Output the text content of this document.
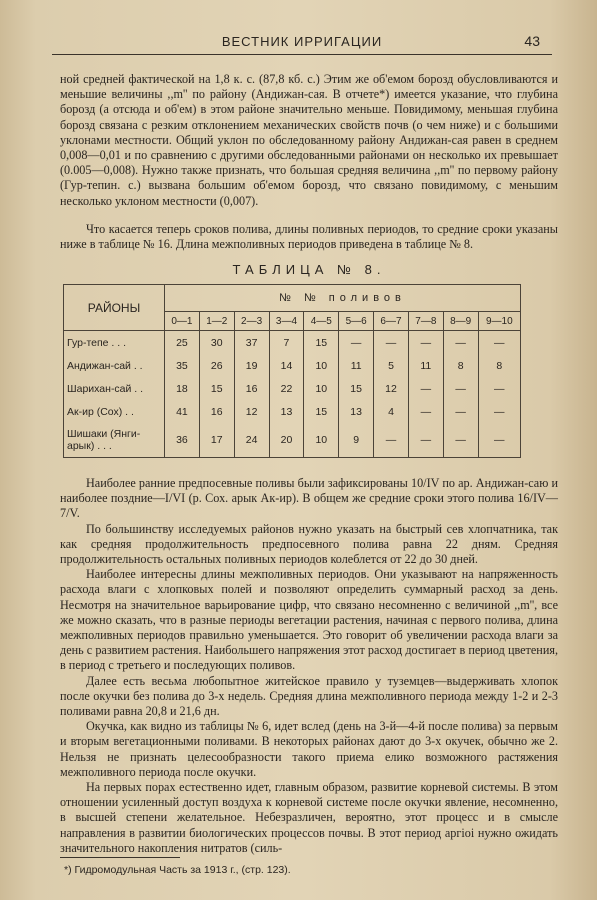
ВЕСТНИК ИРРИГАЦИИ	43

ной средней фактической на 1,8 к. с. (87,8 кб. с.) Этим же об'емом борозд обусловливаются и меньшие величины ,,m'' по району (Андижан-сая. В отчете*) имеется указание, что глубина борозд (а отсюда и об'ем) в этом районе значительно меньше. Повидимому, меньшая глубина борозд связана с резким отклонением механических свойств почв (о чем ниже) и с большими уклонами местности. Общий уклон по обследованному району Андижан-сая равен в среднем 0,008—0,01 и по сравнению с другими обследованными районами он несколько их превышает (0.005—0,008). Нужно также признать, что большая средняя величина ,,m'' по первому району (Гур-тепин. с.) вызвана большим об'емом борозд, что связано повидимому, с меньшим несколько уклоном местности (0,007).

Что касается теперь сроков полива, длины поливных периодов, то средние сроки указаны ниже в таблице № 16. Длина межполивных периодов приведена в таблице № 8.

ТАБЛИЦА № 8.
РАЙОНЫ	№ № поливов									
	0—1	1—2	2—3	3—4	4—5	5—6	6—7	7—8	8—9	9—10
Гур-тепе . . .	25	30	37	7	15	—	—	—	—	—
Андижан-сай . .	35	26	19	14	10	11	5	11	8	8
Шарихан-сай . .	18	15	16	22	10	15	12	—	—	—
Ак-ир (Сох) . .	41	16	12	13	15	13	4	—	—	—
Шишаки (Янги-арык) . . .	36	17	24	20	10	9	—	—	—	—

Наиболее ранние предпосевные поливы были зафиксированы 10/IV по ар. Андижан-саю и наиболее поздние—I/VI (р. Сох. арык Ак-ир). В общем же средние сроки этого полива 16/IV—7/V.

По большинству исследуемых районов нужно указать на быстрый сев хлопчатника, так как средняя продолжительность предпосевного полива равна 22 дням. Средняя продолжительность остальных поливных периодов колеблется от 22 до 30 дней.

Наиболее интересны длины межполивных периодов. Они указывают на напряженность расхода влаги с хлопковых полей и позволяют определить суммарный расход за день. Несмотря на значительное варьирование цифр, что связано несомненно с величиной ,,m'', все же можно сказать, что в разные периоды вегетации растения, начиная с первого полива, длина межполивных периодов правильно уменьшается. Это говорит об увеличении расхода влаги за день с развитием растения. Наибольшего напряжения этот расход достигает в период цветения, в период с третьего и последующих поливов.

Далее есть весьма любопытное житейское правило у туземцев—выдерживать хлопок после окучки без полива до 3-х недель. Средняя длина межполивного периода между 1-2 и 2-3 поливами равна 20,8 и 21,6 дн.

Окучка, как видно из таблицы № 6, идет вслед (день на 3-й—4-й после полива) за первым и вторым вегетационными поливами. В некоторых районах дают до 3-х окучек, обычно же 2. Нельзя не признать целесообразности такого приема елико возможного растяжения межполивного периода после окучки.

На первых порах естественно идет, главным образом, развитие корневой системы. В этом отношении усиленный доступ воздуха к корневой системе после окучки явление, несомненно, в высшей степени желательное. Небезразличен, вероятно, этот процесс и в смысле направления в развитии биологических процессов почвы. В этот период аргіоі нужно ожидать значительного накопления нитратов (силь-

*) Гидромодульная Часть за 1913 г., (стр. 123).
